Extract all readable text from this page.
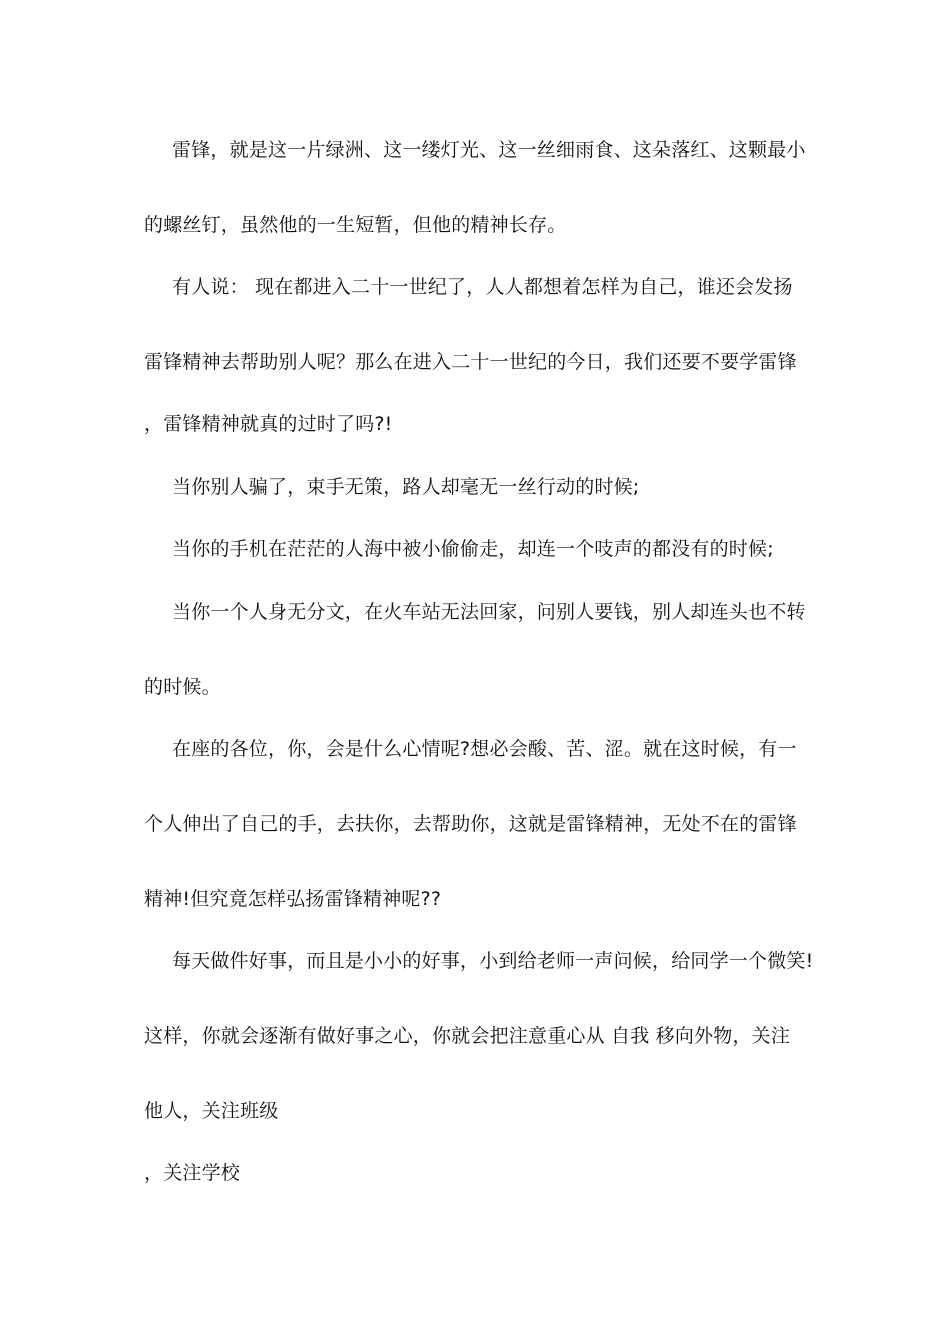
雷锋，就是这一片绿洲、这一缕灯光、这一丝细雨食、这朵落红、这颗最小
的螺丝钉，虽然他的一生短暂，但他的精神长存。
有人说： 现在都进入二十一世纪了，人人都想着怎样为自己，谁还会发扬
雷锋精神去帮助别人呢？那么在进入二十一世纪的今日，我们还要不要学雷锋
，雷锋精神就真的过时了吗?!
当你别人骗了，束手无策，路人却毫无一丝行动的时候;
当你的手机在茫茫的人海中被小偷偷走，却连一个吱声的都没有的时候;
当你一个人身无分文，在火车站无法回家，问别人要钱，别人却连头也不转
的时候。
在座的各位，你，会是什么心情呢?想必会酸、苦、涩。就在这时候，有一
个人伸出了自己的手，去扶你，去帮助你，这就是雷锋精神，无处不在的雷锋
精神!但究竟怎样弘扬雷锋精神呢??
每天做件好事，而且是小小的好事，小到给老师一声问候，给同学一个微笑!
这样，你就会逐渐有做好事之心，你就会把注意重心从 自我 移向外物，关注
他人，关注班级
，关注学校
